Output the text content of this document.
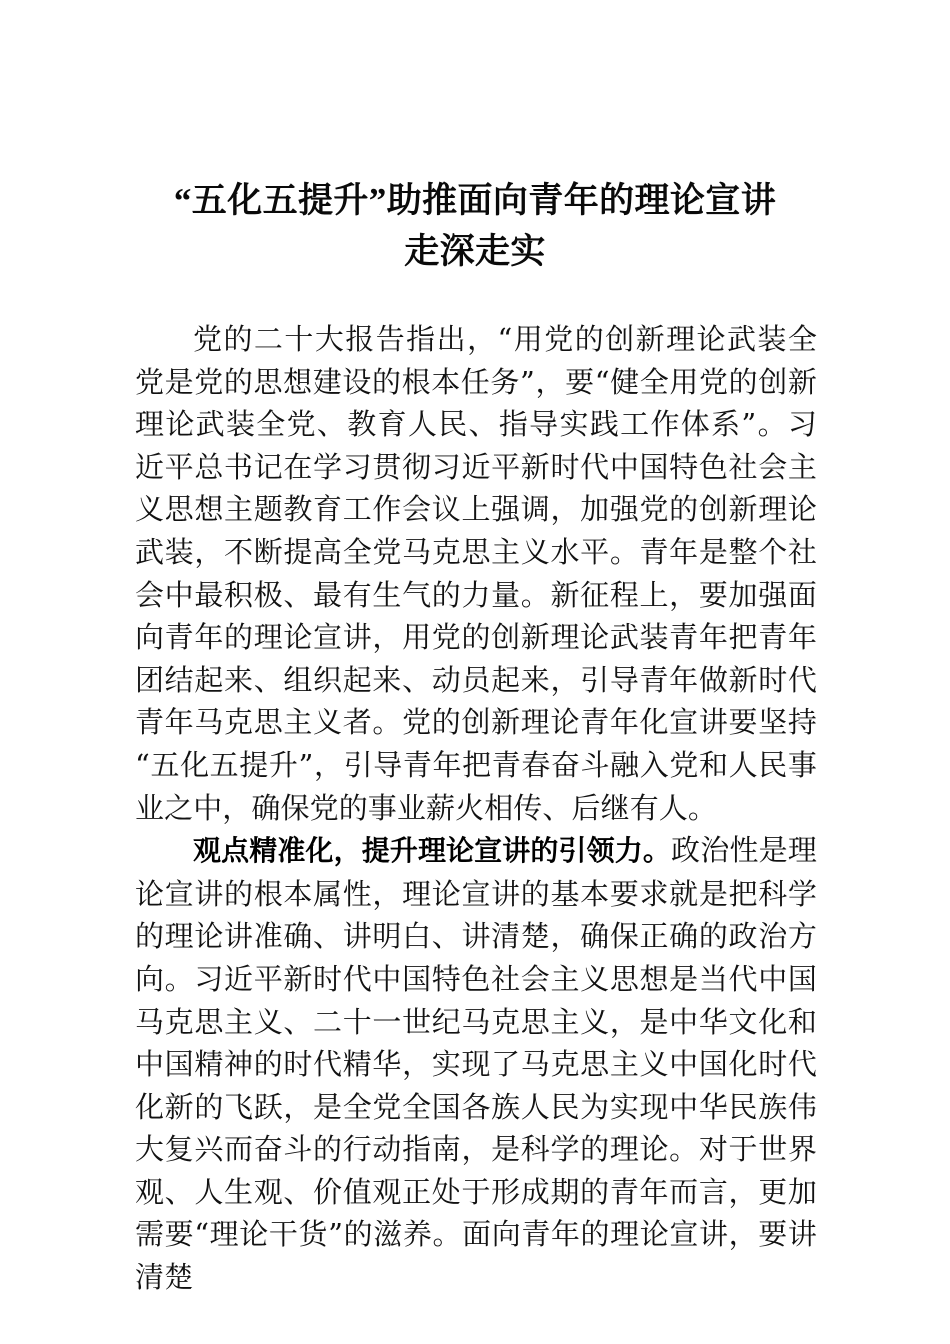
“五化五提升”助推面向青年的理论宣讲
走深走实

党的二十大报告指出，“用党的创新理论武装全党是党的思想建设的根本任务”，要“健全用党的创新理论武装全党、教育人民、指导实践工作体系”。习近平总书记在学习贯彻习近平新时代中国特色社会主义思想主题教育工作会议上强调，加强党的创新理论武装，不断提高全党马克思主义水平。青年是整个社会中最积极、最有生气的力量。新征程上，要加强面向青年的理论宣讲，用党的创新理论武装青年把青年团结起来、组织起来、动员起来，引导青年做新时代青年马克思主义者。党的创新理论青年化宣讲要坚持“五化五提升”，引导青年把青春奋斗融入党和人民事业之中，确保党的事业薪火相传、后继有人。

观点精准化，提升理论宣讲的引领力。政治性是理论宣讲的根本属性，理论宣讲的基本要求就是把科学的理论讲准确、讲明白、讲清楚，确保正确的政治方向。习近平新时代中国特色社会主义思想是当代中国马克思主义、二十一世纪马克思主义，是中华文化和中国精神的时代精华，实现了马克思主义中国化时代化新的飞跃，是全党全国各族人民为实现中华民族伟大复兴而奋斗的行动指南，是科学的理论。对于世界观、人生观、价值观正处于形成期的青年而言，更加需要“理论干货”的滋养。面向青年的理论宣讲，要讲清楚
